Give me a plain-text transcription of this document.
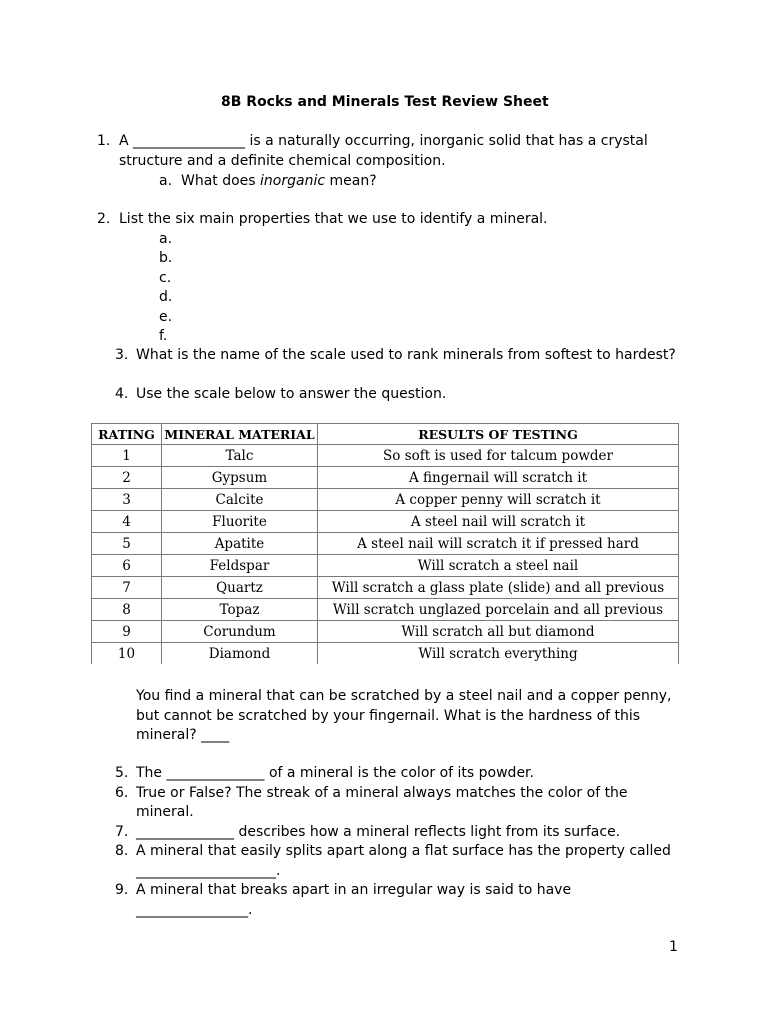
8B Rocks and Minerals Test Review Sheet
1. A ________________ is a naturally occurring, inorganic solid that has a crystal
structure and a definite chemical composition.
a. What does inorganic mean?
2. List the six main properties that we use to identify a mineral.
a.
b.
c.
d.
e.
f.
3. What is the name of the scale used to rank minerals from softest to hardest?
4. Use the scale below to answer the question.
RATING	MINERAL MATERIAL	RESULTS OF TESTING
1	Talc	So soft is used for talcum powder
2	Gypsum	A fingernail will scratch it
3	Calcite	A copper penny will scratch it
4	Fluorite	A steel nail will scratch it
5	Apatite	A steel nail will scratch it if pressed hard
6	Feldspar	Will scratch a steel nail
7	Quartz	Will scratch a glass plate (slide) and all previous
8	Topaz	Will scratch unglazed porcelain and all previous
9	Corundum	Will scratch all but diamond
10	Diamond	Will scratch everything
You find a mineral that can be scratched by a steel nail and a copper penny,
but cannot be scratched by your fingernail. What is the hardness of this
mineral? ____
5. The ______________ of a mineral is the color of its powder.
6. True or False? The streak of a mineral always matches the color of the
mineral.
7. ______________ describes how a mineral reflects light from its surface.
8. A mineral that easily splits apart along a flat surface has the property called
____________________.
9. A mineral that breaks apart in an irregular way is said to have
________________.
1
